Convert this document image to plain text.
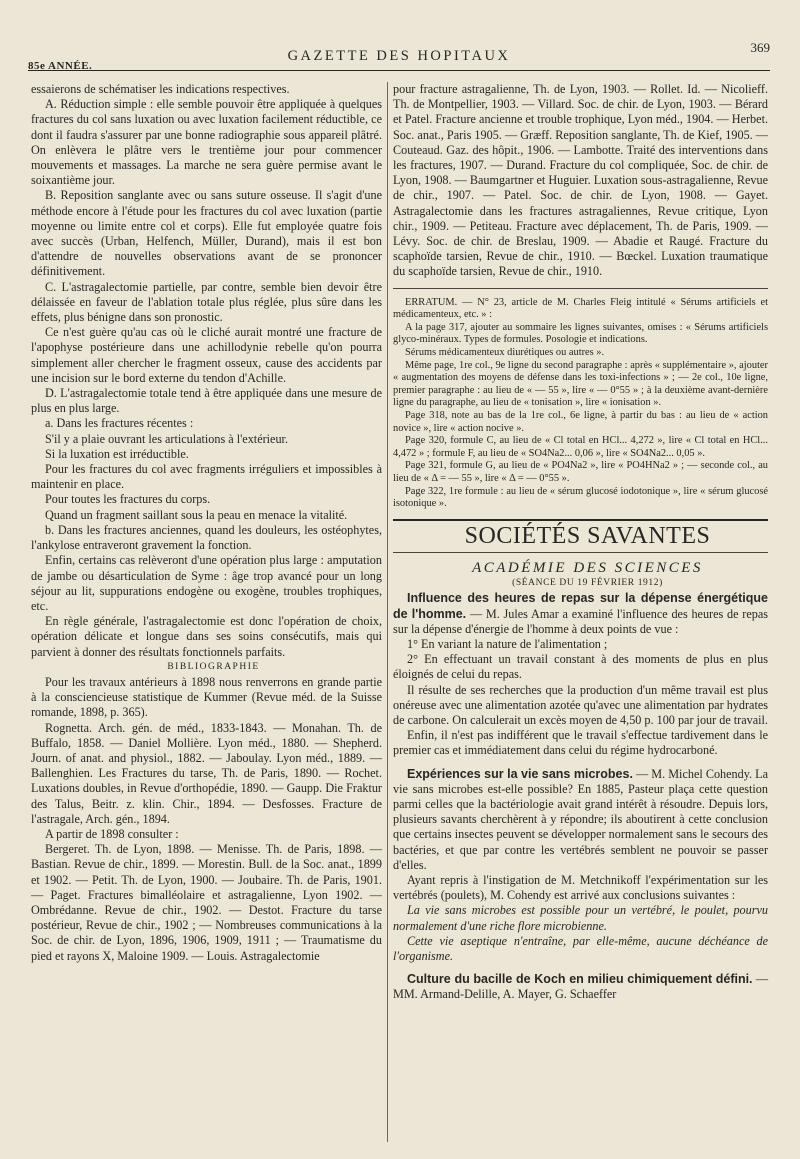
85e ANNÉE.
GAZETTE DES HOPITAUX
369

essaierons de schématiser les indications respectives.

A. Réduction simple : elle semble pouvoir être appliquée à quelques fractures du col sans luxation ou avec luxation facilement réductible, ce dont il faudra s'assurer par une bonne radiographie sous appareil plâtré. On enlèvera le plâtre vers le trentième jour pour commencer mouvements et massages. La marche ne sera guère permise avant le soixantième jour.

B. Reposition sanglante avec ou sans suture osseuse. Il s'agit d'une méthode encore à l'étude pour les fractures du col avec luxation (partie moyenne ou limite entre col et corps). Elle fut employée quatre fois avec succès (Urban, Helfench, Müller, Durand), mais il est bon d'attendre de nouvelles observations avant de se prononcer définitivement.

C. L'astragalectomie partielle, par contre, semble bien devoir être délaissée en faveur de l'ablation totale plus réglée, plus sûre dans les effets, plus bénigne dans son pronostic.

Ce n'est guère qu'au cas où le cliché aurait montré une fracture de l'apophyse postérieure dans une achillodynie rebelle qu'on pourra simplement aller chercher le fragment osseux, cause des accidents par une incision sur le bord externe du tendon d'Achille.

D. L'astragalectomie totale tend à être appliquée dans une mesure de plus en plus large.

a. Dans les fractures récentes :

S'il y a plaie ouvrant les articulations à l'extérieur.

Si la luxation est irréductible.

Pour les fractures du col avec fragments irréguliers et impossibles à maintenir en place.

Pour toutes les fractures du corps.

Quand un fragment saillant sous la peau en menace la vitalité.

b. Dans les fractures anciennes, quand les douleurs, les ostéophytes, l'ankylose entraveront gravement la fonction.

Enfin, certains cas relèveront d'une opération plus large : amputation de jambe ou désarticulation de Syme : âge trop avancé pour un long séjour au lit, suppurations endogène ou exogène, troubles trophiques, etc.

En règle générale, l'astragalectomie est donc l'opération de choix, opération délicate et longue dans ses soins consécutifs, mais qui parvient à donner des résultats fonctionnels parfaits.

BIBLIOGRAPHIE

Pour les travaux antérieurs à 1898 nous renverrons en grande partie à la consciencieuse statistique de Kummer (Revue méd. de la Suisse romande, 1898, p. 365).

Rognetta. Arch. gén. de méd., 1833-1843. — Monahan. Th. de Buffalo, 1858. — Daniel Mollière. Lyon méd., 1880. — Shepherd. Journ. of anat. and physiol., 1882. — Jaboulay. Lyon méd., 1889. — Ballenghien. Les Fractures du tarse, Th. de Paris, 1890. — Rochet. Luxations doubles, in Revue d'orthopédie, 1890. — Gaupp. Die Fraktur des Talus, Beitr. z. klin. Chir., 1894. — Desfosses. Fracture de l'astragale, Arch. gén., 1894.

A partir de 1898 consulter :

Bergeret. Th. de Lyon, 1898. — Menisse. Th. de Paris, 1898. — Bastian. Revue de chir., 1899. — Morestin. Bull. de la Soc. anat., 1899 et 1902. — Petit. Th. de Lyon, 1900. — Joubaire. Th. de Paris, 1901. — Paget. Fractures bimalléolaire et astragalienne, Lyon 1902. — Ombrédanne. Revue de chir., 1902. — Destot. Fracture du tarse postérieur, Revue de chir., 1902 ; — Nombreuses communications à la Soc. de chir. de Lyon, 1896, 1906, 1909, 1911 ; — Traumatisme du pied et rayons X, Maloine 1909. — Louis. Astragalectomie

pour fracture astragalienne, Th. de Lyon, 1903. — Rollet. Id. — Nicolieff. Th. de Montpellier, 1903. — Villard. Soc. de chir. de Lyon, 1903. — Bérard et Patel. Fracture ancienne et trouble trophique, Lyon méd., 1904. — Herbet. Soc. anat., Paris 1905. — Græff. Reposition sanglante, Th. de Kief, 1905. — Couteaud. Gaz. des hôpit., 1906. — Lambotte. Traité des interventions dans les fractures, 1907. — Durand. Fracture du col compliquée, Soc. de chir. de Lyon, 1908. — Baumgartner et Huguier. Luxation sous-astragalienne, Revue de chir., 1907. — Patel. Soc. de chir. de Lyon, 1908. — Gayet. Astragalectomie dans les fractures astragaliennes, Revue critique, Lyon chir., 1909. — Petiteau. Fracture avec déplacement, Th. de Paris, 1909. — Lévy. Soc. de chir. de Breslau, 1909. — Abadie et Raugé. Fracture du scaphoïde tarsien, Revue de chir., 1910. — Bœckel. Luxation traumatique du scaphoïde tarsien, Revue de chir., 1910.

ERRATUM. — N° 23, article de M. Charles Fleig intitulé « Sérums artificiels et médicamenteux, etc. » :

A la page 317, ajouter au sommaire les lignes suivantes, omises : « Sérums artificiels glyco-minéraux. Types de formules. Posologie et indications.

Sérums médicamenteux diurétiques ou autres ».

Même page, 1re col., 9e ligne du second paragraphe : après « supplémentaire », ajouter « augmentation des moyens de défense dans les toxi-infections » ; — 2e col., 10e ligne, premier paragraphe : au lieu de « — 55 », lire « — 0°55 » ; à la deuxième avant-dernière ligne du paragraphe, au lieu de « tonisation », lire « ionisation ».

Page 318, note au bas de la 1re col., 6e ligne, à partir du bas : au lieu de « action novice », lire « action nocive ».

Page 320, formule C, au lieu de « Cl total en HCl... 4,272 », lire « Cl total en HCl... 4,472 » ; formule F, au lieu de « SO4Na2... 0,06 », lire « SO4Na2... 0,05 ».

Page 321, formule G, au lieu de « PO4Na2 », lire « PO4HNa2 » ; — seconde col., au lieu de « Δ = — 55 », lire « Δ = — 0°55 ».

Page 322, 1re formule : au lieu de « sérum glucosé iodotonique », lire « sérum glucosé isotonique ».

SOCIÉTÉS SAVANTES

ACADÉMIE DES SCIENCES

(SÉANCE DU 19 FÉVRIER 1912)

Influence des heures de repas sur la dépense énergétique de l'homme. — M. Jules Amar a examiné l'influence des heures de repas sur la dépense d'énergie de l'homme à deux points de vue :

1° En variant la nature de l'alimentation ;

2° En effectuant un travail constant à des moments de plus en plus éloignés de celui du repas.

Il résulte de ses recherches que la production d'un même travail est plus onéreuse avec une alimentation azotée qu'avec une alimentation par hydrates de carbone. On calculerait un excès moyen de 4,50 p. 100 par jour de travail.

Enfin, il n'est pas indifférent que le travail s'effectue tardivement dans le premier cas et immédiatement dans celui du régime hydrocarboné.

Expériences sur la vie sans microbes. — M. Michel Cohendy. La vie sans microbes est-elle possible? En 1885, Pasteur plaça cette question parmi celles que la bactériologie avait grand intérêt à résoudre. Depuis lors, plusieurs savants cherchèrent à y répondre; ils aboutirent à cette conclusion que certains insectes peuvent se développer normalement sans le secours des bactéries, et que par contre les vertébrés semblent ne pouvoir se passer d'elles.

Ayant repris à l'instigation de M. Metchnikoff l'expérimentation sur les vertébrés (poulets), M. Cohendy est arrivé aux conclusions suivantes :

La vie sans microbes est possible pour un vertébré, le poulet, pourvu normalement d'une riche flore microbienne.

Cette vie aseptique n'entraîne, par elle-même, aucune déchéance de l'organisme.

Culture du bacille de Koch en milieu chimiquement défini. — MM. Armand-Delille, A. Mayer, G. Schaeffer
